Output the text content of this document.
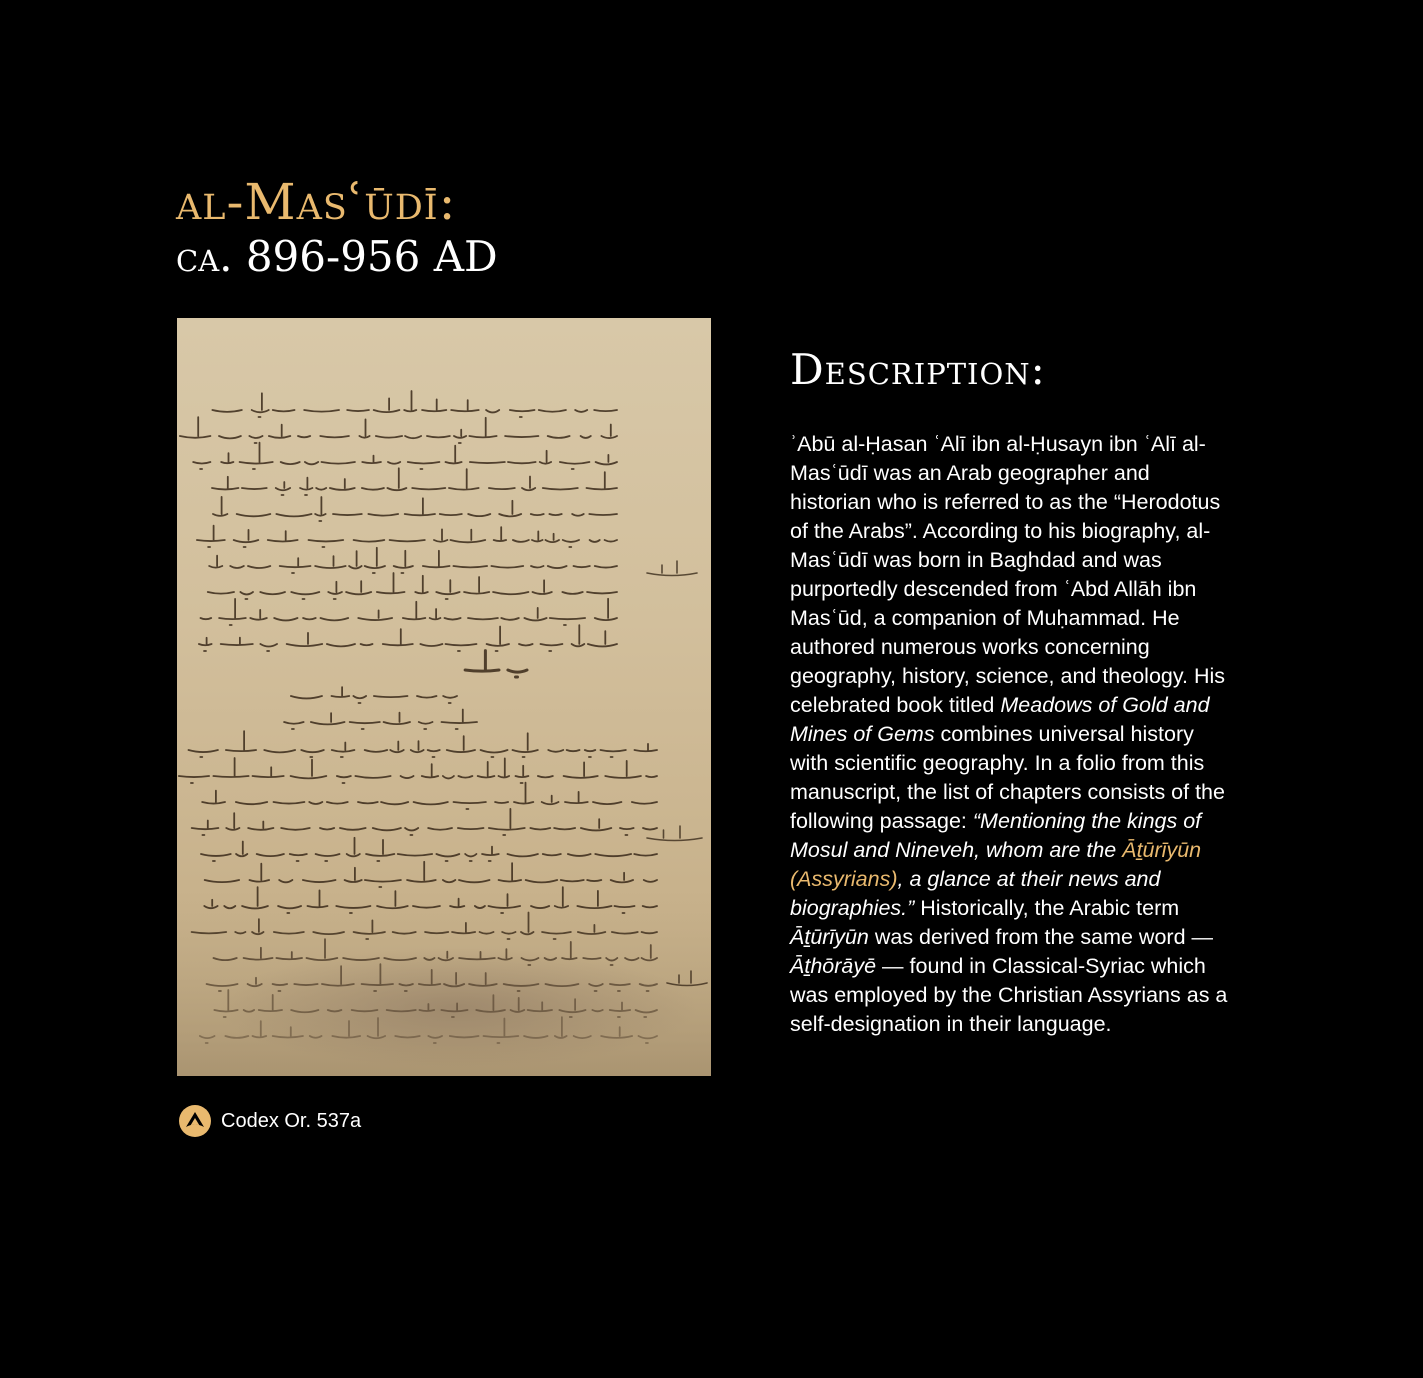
al-Masʿūdī:
ca. 896-956 AD
Codex Or. 537a
Description:

ʾAbū al-Ḥasan ʿAlī ibn al-Ḥusayn ibn ʿAlī al-Masʿūdī was an Arab geographer and historian who is referred to as the “Herodotus of the Arabs”. According to his biography, al-Masʿūdī was born in Baghdad and was purportedly descended from ʿAbd Allāh ibn Masʿūd, a companion of Muḥammad. He authored numerous works concerning geography, history, science, and theology. His celebrated book titled Meadows of Gold and Mines of Gems combines universal history with scientific geography. In a folio from this manuscript, the list of chapters consists of the following passage: “Mentioning the kings of Mosul and Nineveh, whom are the Āṯūrīyūn (Assyrians), a glance at their news and biographies.” Historically, the Arabic term Āṯūrīyūn was derived from the same word — Āṯhōrāyē — found in Classical-Syriac which was employed by the Christian Assyrians as a self-designation in their language.
